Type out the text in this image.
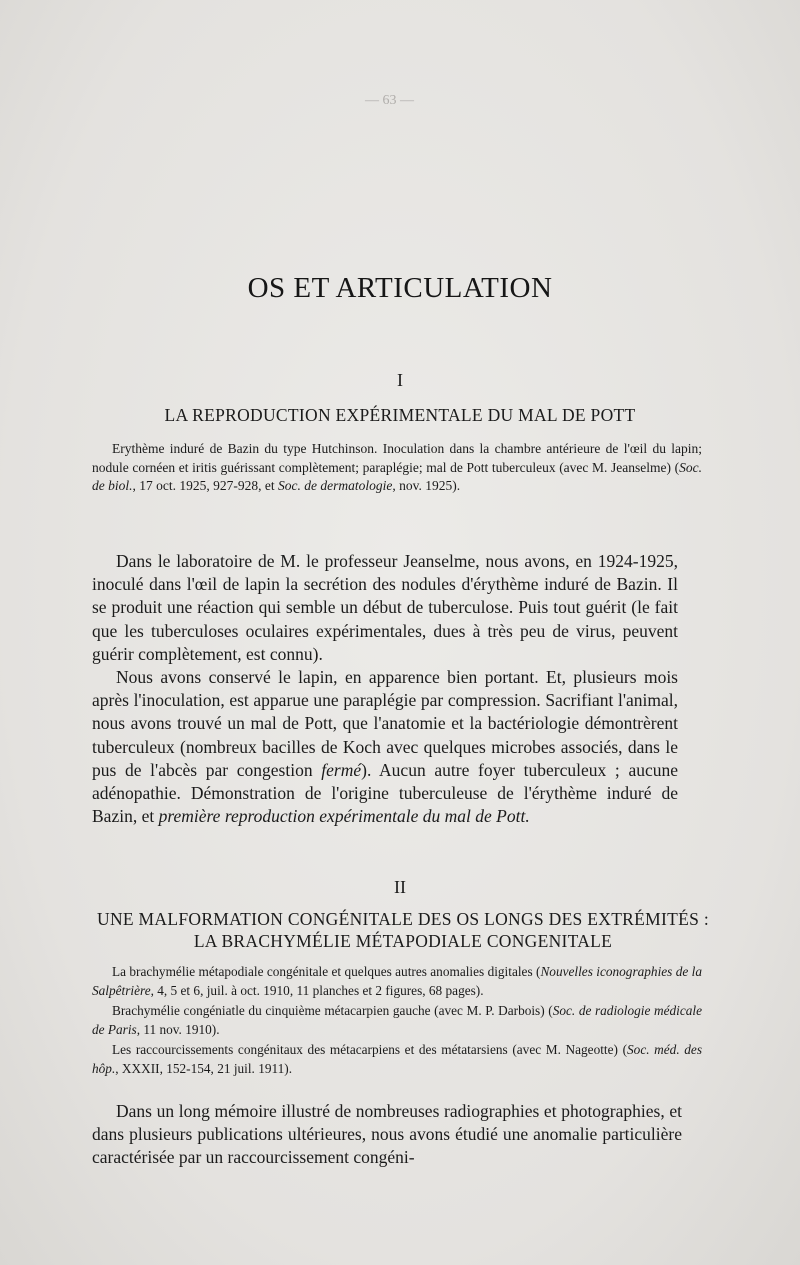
— 63 —
OS ET ARTICULATION
I
LA REPRODUCTION EXPÉRIMENTALE DU MAL DE POTT

Erythème induré de Bazin du type Hutchinson. Inoculation dans la chambre antérieure de l'œil du lapin; nodule cornéen et iritis guérissant complètement; paraplégie; mal de Pott tuberculeux (avec M. Jeanselme) (Soc. de biol., 17 oct. 1925, 927-928, et Soc. de dermatologie, nov. 1925).

Dans le laboratoire de M. le professeur Jeanselme, nous avons, en 1924-1925, inoculé dans l'œil de lapin la secrétion des nodules d'érythème induré de Bazin. Il se produit une réaction qui semble un début de tuberculose. Puis tout guérit (le fait que les tuberculoses oculaires expérimentales, dues à très peu de virus, peuvent guérir complètement, est connu).

Nous avons conservé le lapin, en apparence bien portant. Et, plusieurs mois après l'inoculation, est apparue une paraplégie par compression. Sacrifiant l'animal, nous avons trouvé un mal de Pott, que l'anatomie et la bactériologie démontrèrent tuberculeux (nombreux bacilles de Koch avec quelques microbes associés, dans le pus de l'abcès par congestion fermé). Aucun autre foyer tuberculeux ; aucune adénopathie. Démonstration de l'origine tuberculeuse de l'érythème induré de Bazin, et première reproduction expérimentale du mal de Pott.

II
UNE MALFORMATION CONGÉNITALE DES OS LONGS DES EXTRÉMITÉS : LA BRACHYMÉLIE MÉTAPODIALE CONGENITALE

La brachymélie métapodiale congénitale et quelques autres anomalies digitales (Nouvelles iconographies de la Salpêtrière, 4, 5 et 6, juil. à oct. 1910, 11 planches et 2 figures, 68 pages).

Brachymélie congéniatle du cinquième métacarpien gauche (avec M. P. Darbois) (Soc. de radiologie médicale de Paris, 11 nov. 1910).

Les raccourcissements congénitaux des métacarpiens et des métatarsiens (avec M. Nageotte) (Soc. méd. des hôp., XXXII, 152-154, 21 juil. 1911).

Dans un long mémoire illustré de nombreuses radiographies et photographies, et dans plusieurs publications ultérieures, nous avons étudié une anomalie particulière caractérisée par un raccourcissement congéni-
